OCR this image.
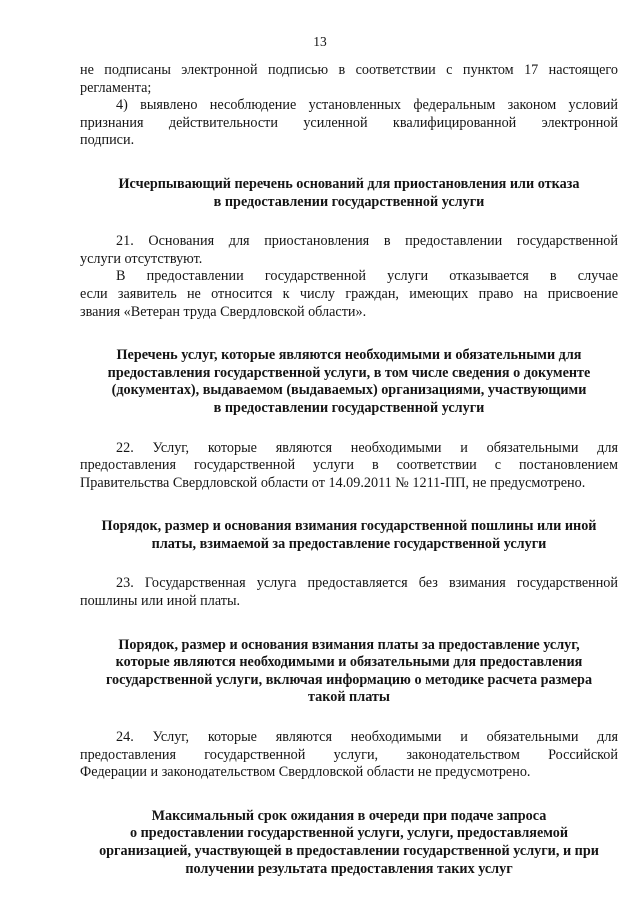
13

не подписаны электронной подписью в соответствии с пунктом 17 настоящего

регламента;

4) выявлено несоблюдение установленных федеральным законом условий

признания действительности усиленной квалифицированной электронной

подписи.

Исчерпывающий перечень оснований для приостановления или отказа
в предоставлении государственной услуги

21. Основания для приостановления в предоставлении государственной

услуги отсутствуют.

В предоставлении государственной услуги отказывается в случае

если заявитель не относится к числу граждан, имеющих право на присвоение

звания «Ветеран труда Свердловской области».

Перечень услуг, которые являются необходимыми и обязательными для
предоставления государственной услуги, в том числе сведения о документе
(документах), выдаваемом (выдаваемых) организациями, участвующими
в предоставлении государственной услуги

22. Услуг, которые являются необходимыми и обязательными для

предоставления государственной услуги в соответствии с постановлением

Правительства Свердловской области от 14.09.2011 № 1211-ПП, не предусмотрено.

Порядок, размер и основания взимания государственной пошлины или иной
платы, взимаемой за предоставление государственной услуги

23. Государственная услуга предоставляется без взимания государственной

пошлины или иной платы.

Порядок, размер и основания взимания платы за предоставление услуг,
которые являются необходимыми и обязательными для предоставления
государственной услуги, включая информацию о методике расчета размера
такой платы

24. Услуг, которые являются необходимыми и обязательными для

предоставления государственной услуги, законодательством Российской

Федерации и законодательством Свердловской области не предусмотрено.

Максимальный срок ожидания в очереди при подаче запроса
о предоставлении государственной услуги, услуги, предоставляемой
организацией, участвующей в предоставлении государственной услуги, и при
получении результата предоставления таких услуг
